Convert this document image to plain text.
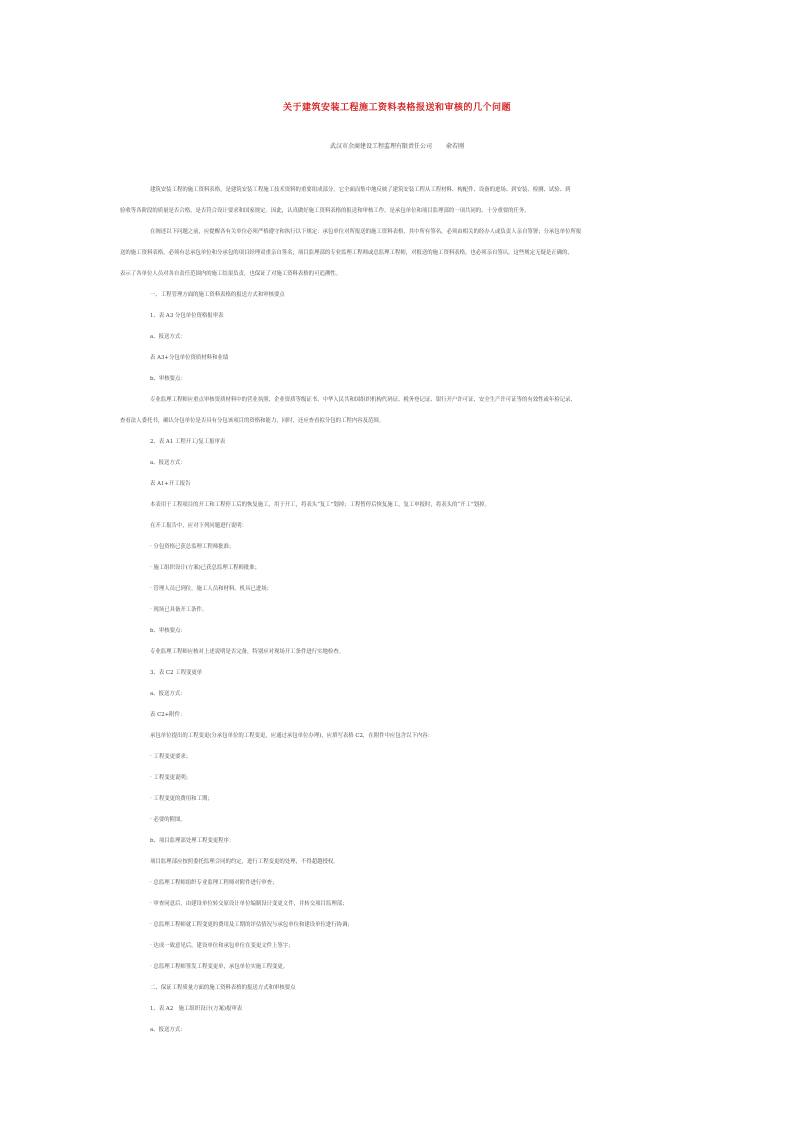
关于建筑安装工程施工资料表格报送和审核的几个问题
武汉市余商建设工程监理有限责任公司 俞若刚
建筑安装工程的施工资料表格，是建筑安装工程施工技术资料的重要组成部分。它全面而集中地反映了建筑安装工程从工程材料、构配件、设备的进场、到安装、检测、试验、到
验收等各阶段的质量是否合格，是否符合设计要求和国家规定。因此，认真做好施工资料表格的报送和审核工作，是承包单位和项目监理部的一项共同的、十分重要的任务。
在阐述以下问题之前，应提醒各有关单位必须严格遵守和执行以下规定：承包单位对所报送的施工资料表格，其中所有签名，必须由相关的经办人或负责人亲自签署；分承包单位所报
送的施工资料表格，必须有总承包单位和分承包的项目经理双重亲自签名；项目监理部的专业监理工程师或总监理工程师，对报送的施工资料表格，也必须亲自签认。这些规定无疑是正确的，
表示了各单位人员对各自责任范围内的施工结果负责，也保证了对施工资料表格的可追溯性。
一、工程管理方面的施工资料表格的报送方式和审核要点
1、表 A3 分包单位资格报审表
a、报送方式：
表 A3+分包单位资质材料和业绩
b、审核要点：
专业监理工程师应重点审核资质材料中的营业执照、企业资质等级证书、中华人民共和国组织机构代码证、税务登记证、银行开户许可证、安全生产许可证等的有效性或年检记录，
查看法人委托书，确认分包单位是否具有分包该项目的资格和能力，同时，还应查看拟分包的工程内容及范围。
2、表 A1 工程开工/复工报审表
a、报送方式：
表 A1+开工报告
本表用于工程项目的开工和工程停工后的恢复施工，用于开工，将表头“复工”划掉；工程暂停后恢复施工，复工申报时，将表头的“开工”划掉。
在开工报告中，应对下列问题进行说明：
· 分包资格已获总监理工程师批准；
· 施工组织设计(方案)已获总监理工程师批准；
· 管理人员已到位，施工人员和材料、机具已进场；
· 现场已具备开工条件。
b、审核要点：
专业监理工程师应核对上述说明是否完备，特别应对现场开工条件进行实地检查。
3、表 C2 工程变更单
a、报送方式：
表 C2+附件：
承包单位提出的工程变更(分承包单位的工程变更，应通过承包单位办理)，应填写表格 C2，在附件中应包含以下内容：
· 工程变更要求；
· 工程变更说明；
· 工程变更的费用和工期；
· 必要的附图。
b、项目监理部处理工程变更程序：
项目监理部应按照委托监理合同的约定，进行工程变更的处理，不得超越授权。
· 总监理工程师组织专业监理工程师对附件进行审查；
· 审查同意后，由建设单位转交原设计单位编制设计变更文件，并转交项目监理部；
· 总监理工程师就工程变更的费用及工期的评估情况与承包单位和建设单位进行协调；
· 达成一致意见后，建设单位和承包单位在变更文件上签字；
· 总监理工程师签发工程变更单，承包单位实施工程变更。
二、保证工程质量方面的施工资料表格的报送方式和审核要点
1、表 A2　施工组织设计(方案)报审表
a、报送方式：
